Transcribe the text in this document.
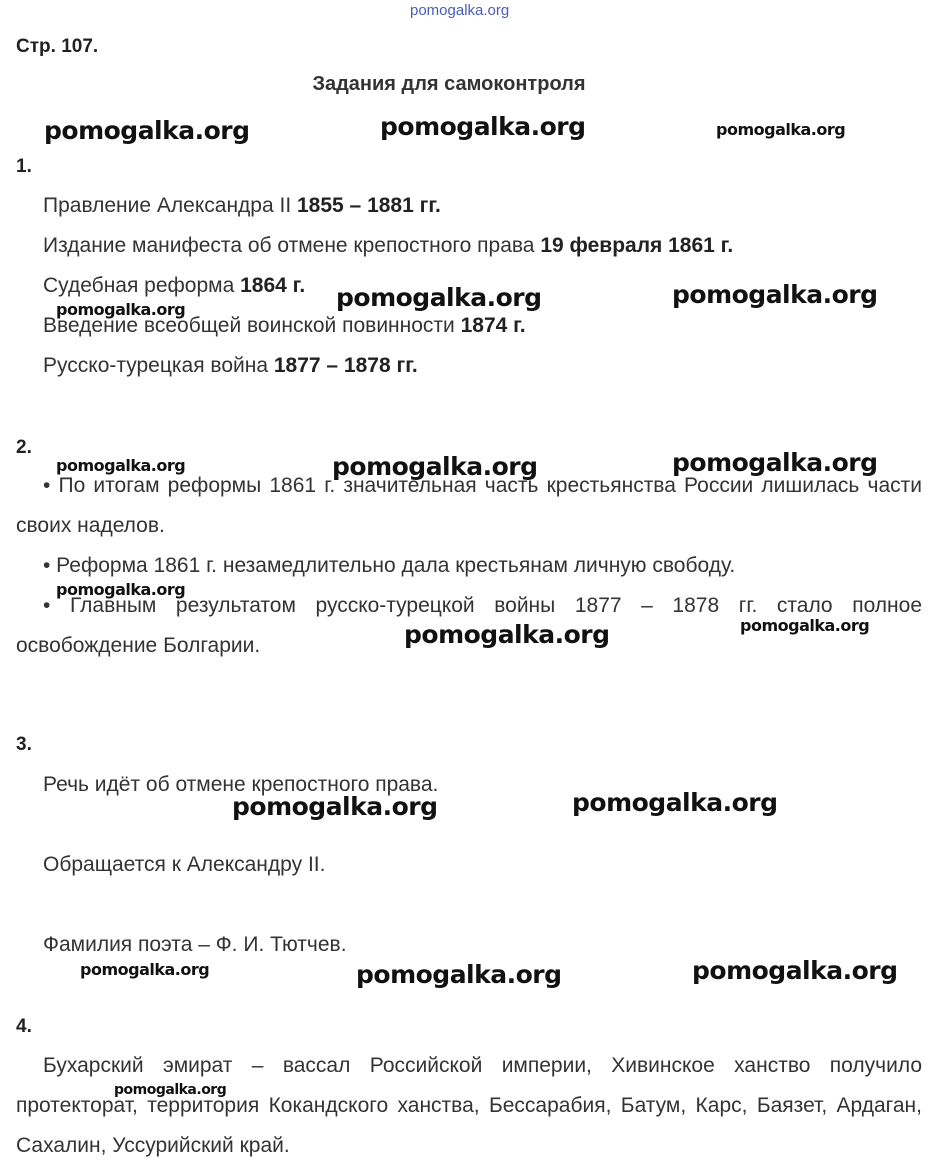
pomogalka.org
Стр. 107.
Задания для самоконтроля
1.
Правление Александра II 1855 – 1881 гг.
Издание манифеста об отмене крепостного права 19 февраля 1861 г.
Судебная реформа 1864 г.
Введение всеобщей воинской повинности 1874 г.
Русско-турецкая война 1877 – 1878 гг.
2.
• По итогам реформы 1861 г. значительная часть крестьянства России лишилась части своих наделов.
• Реформа 1861 г. незамедлительно дала крестьянам личную свободу.
• Главным результатом русско-турецкой войны 1877 – 1878 гг. стало полное освобождение Болгарии.
3.
Речь идёт об отмене крепостного права.
Обращается к Александру II.
Фамилия поэта – Ф. И. Тютчев.
4.
Бухарский эмират – вассал Российской империи, Хивинское ханство получило протекторат, территория Кокандского ханства, Бессарабия, Батум, Карс, Баязет, Ардаган, Сахалин, Уссурийский край.
pomogalka.org	pomogalka.org	pomogalka.org
pomogalka.org	pomogalka.org
pomogalka.org
pomogalka.org	pomogalka.org	pomogalka.org
pomogalka.org
pomogalka.org	pomogalka.org
pomogalka.org	pomogalka.org
pomogalka.org	pomogalka.org	pomogalka.org
pomogalka.org
